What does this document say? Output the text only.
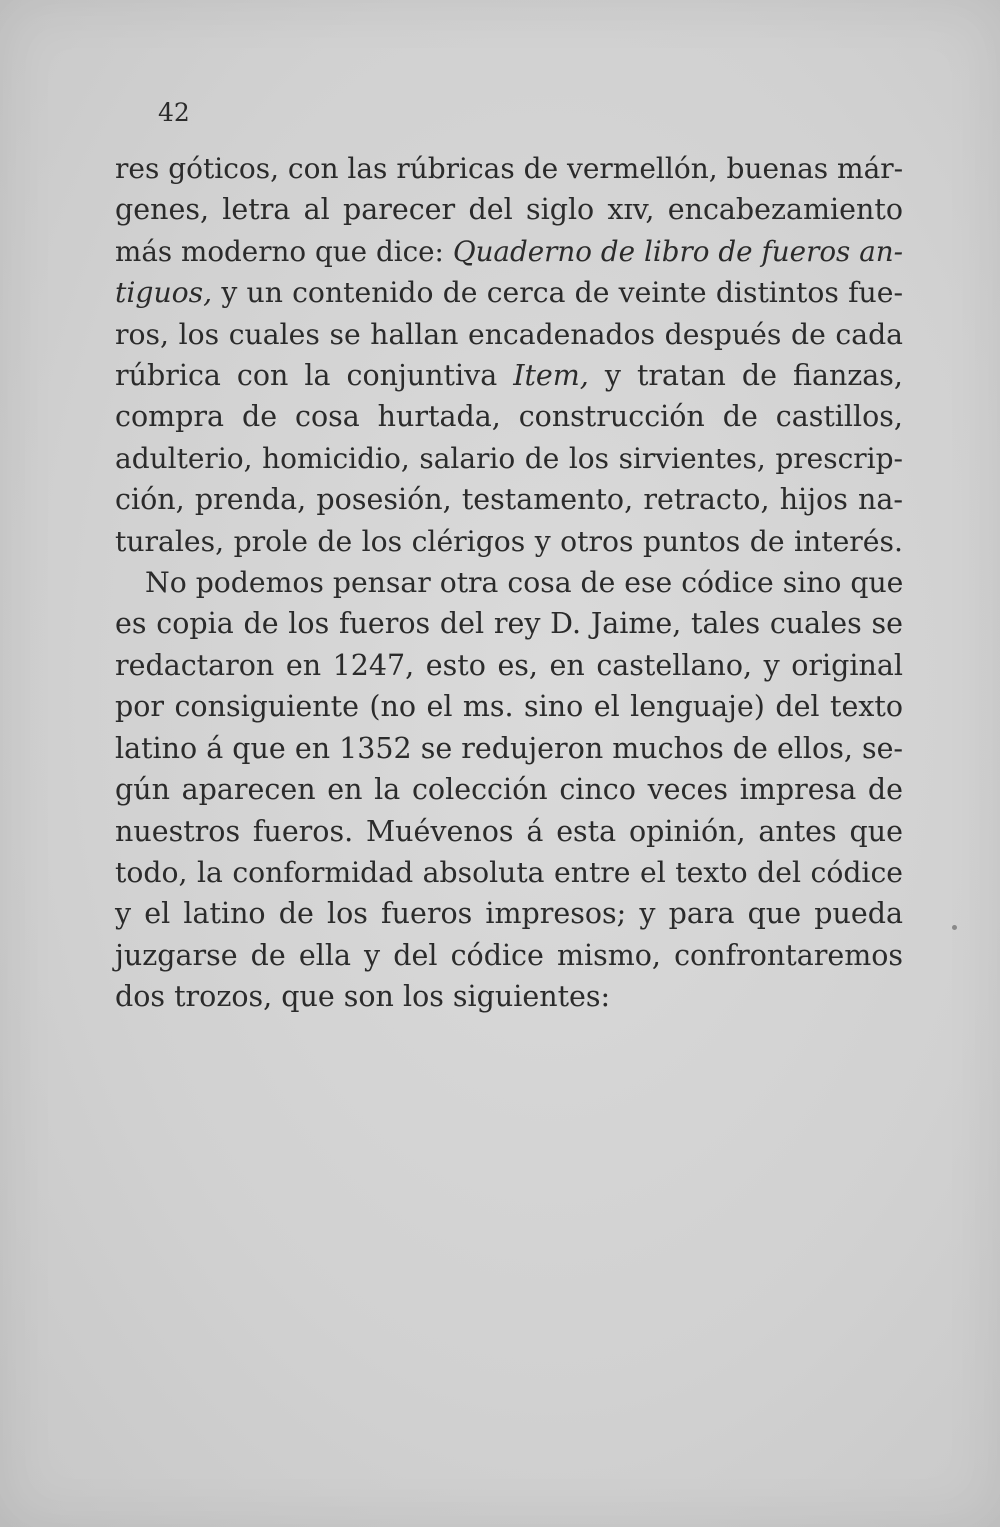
42
res góticos, con las rúbricas de vermellón, buenas már-
genes, letra al parecer del siglo xɪv, encabezamiento
más moderno que dice: Quaderno de libro de fueros an-
tiguos, y un contenido de cerca de veinte distintos fue-
ros, los cuales se hallan encadenados después de cada
rúbrica con la conjuntiva Item, y tratan de fianzas,
compra de cosa hurtada, construcción de castillos,
adulterio, homicidio, salario de los sirvientes, prescrip-
ción, prenda, posesión, testamento, retracto, hijos na-
turales, prole de los clérigos y otros puntos de interés.
No podemos pensar otra cosa de ese códice sino que
es copia de los fueros del rey D. Jaime, tales cuales se
redactaron en 1247, esto es, en castellano, y original
por consiguiente (no el ms. sino el lenguaje) del texto
latino á que en 1352 se redujeron muchos de ellos, se-
gún aparecen en la colección cinco veces impresa de
nuestros fueros. Muévenos á esta opinión, antes que
todo, la conformidad absoluta entre el texto del códice
y el latino de los fueros impresos; y para que pueda
juzgarse de ella y del códice mismo, confrontaremos
dos trozos, que son los siguientes:
